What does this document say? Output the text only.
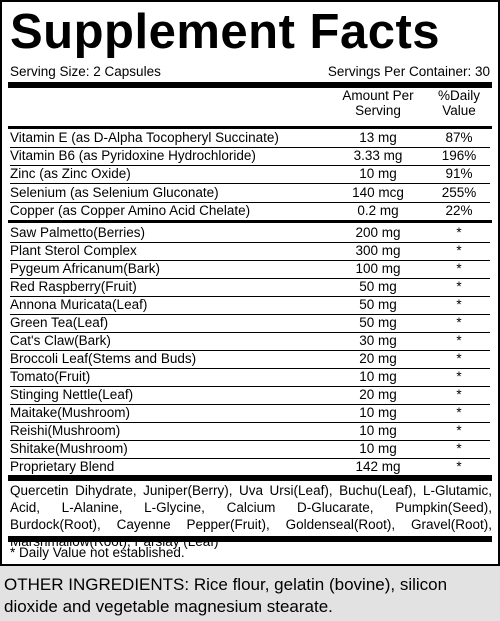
Supplement Facts
Serving Size: 2 Capsules	Servings Per Container: 30
Amount Per
Serving
%Daily
Value
Vitamin E (as D-Alpha Tocopheryl Succinate)	13 mg	87%
Vitamin B6 (as Pyridoxine Hydrochloride)	3.33 mg	196%
Zinc (as Zinc Oxide)	10 mg	91%
Selenium (as Selenium Gluconate)	140 mcg	255%
Copper (as Copper Amino Acid Chelate)	0.2 mg	22%
Saw Palmetto(Berries)	200 mg	*
Plant Sterol Complex	300 mg	*
Pygeum Africanum(Bark)	100 mg	*
Red Raspberry(Fruit)	50 mg	*
Annona Muricata(Leaf)	50 mg	*
Green Tea(Leaf)	50 mg	*
Cat's Claw(Bark)	30 mg	*
Broccoli Leaf(Stems and Buds)	20 mg	*
Tomato(Fruit)	10 mg	*
Stinging Nettle(Leaf)	20 mg	*
Maitake(Mushroom)	10 mg	*
Reishi(Mushroom)	10 mg	*
Shitake(Mushroom)	10 mg	*
Proprietary Blend	142 mg	*
Quercetin Dihydrate, Juniper(Berry), Uva Ursi(Leaf), Buchu(Leaf), L-Glutamic, Acid, L-Alanine, L-Glycine, Calcium D-Glucarate, Pumpkin(Seed), Burdock(Root), Cayenne Pepper(Fruit), Goldenseal(Root), Gravel(Root),
* Daily Value not established.
OTHER INGREDIENTS: Rice flour, gelatin (bovine), silicon dioxide and vegetable magnesium stearate.
